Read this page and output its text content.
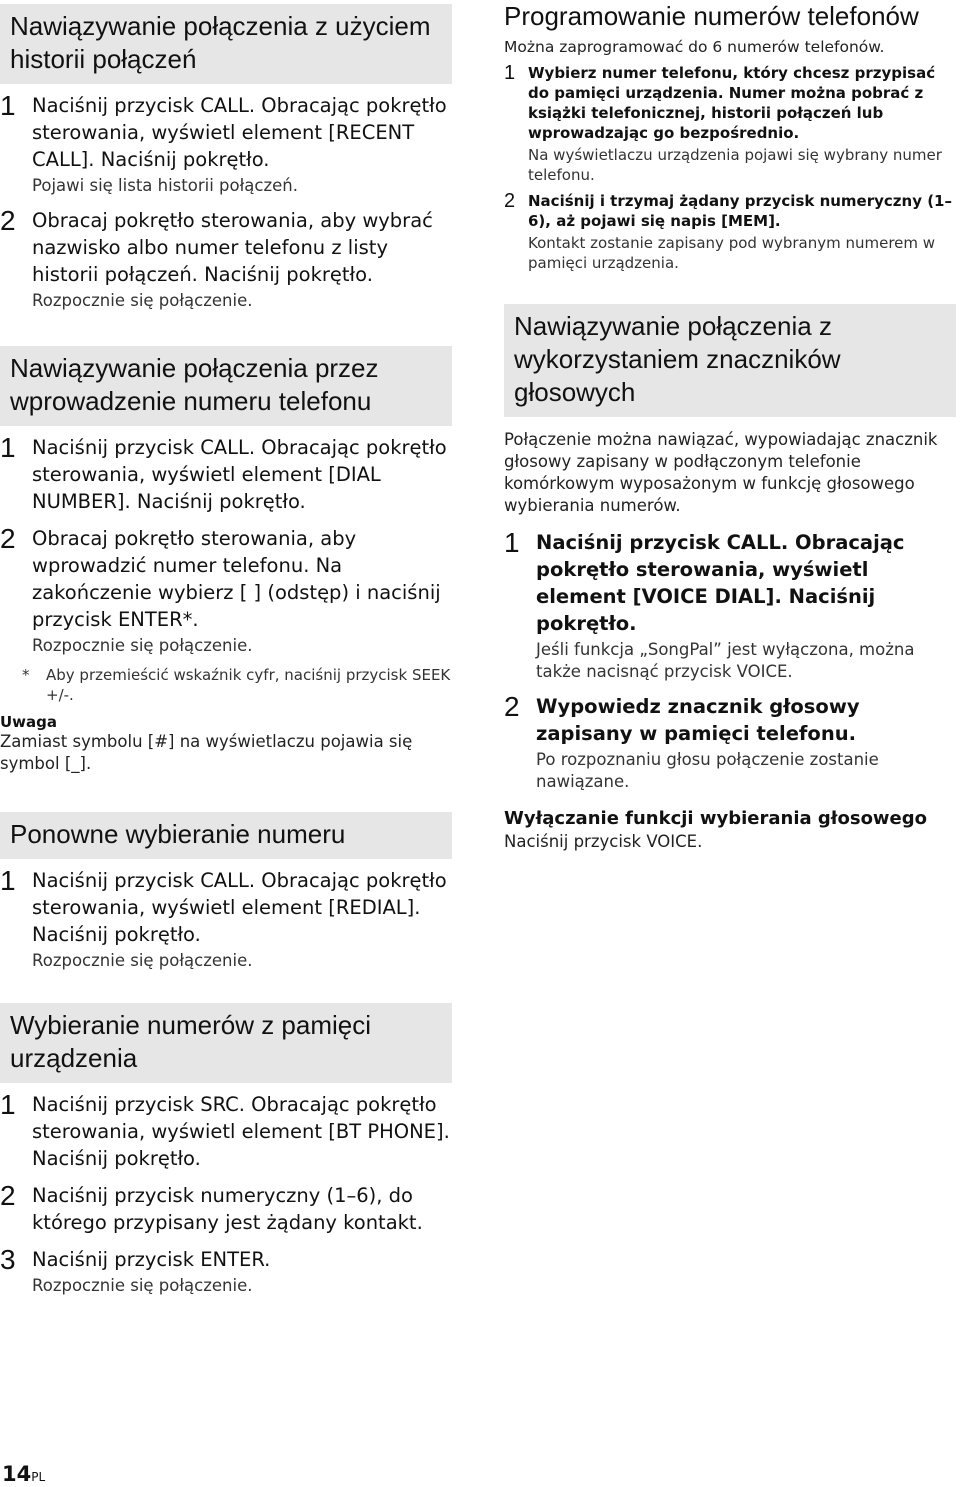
Nawiązywanie połączenia z użyciem historii połączeń
1 Naciśnij przycisk CALL. Obracając pokrętło sterowania, wyświetl element [RECENT CALL]. Naciśnij pokrętło.
Pojawi się lista historii połączeń.
2 Obracaj pokrętło sterowania, aby wybrać nazwisko albo numer telefonu z listy historii połączeń. Naciśnij pokrętło.
Rozpocznie się połączenie.
Nawiązywanie połączenia przez wprowadzenie numeru telefonu
1 Naciśnij przycisk CALL. Obracając pokrętło sterowania, wyświetl element [DIAL NUMBER]. Naciśnij pokrętło.
2 Obracaj pokrętło sterowania, aby wprowadzić numer telefonu. Na zakończenie wybierz [ ] (odstęp) i naciśnij przycisk ENTER*.
Rozpocznie się połączenie.
*	Aby przemieścić wskaźnik cyfr, naciśnij przycisk SEEK +/-.
Uwaga
Zamiast symbolu [#] na wyświetlaczu pojawia się symbol [_].
Ponowne wybieranie numeru
1 Naciśnij przycisk CALL. Obracając pokrętło sterowania, wyświetl element [REDIAL]. Naciśnij pokrętło.
Rozpocznie się połączenie.
Wybieranie numerów z pamięci urządzenia
1 Naciśnij przycisk SRC. Obracając pokrętło sterowania, wyświetl element [BT PHONE]. Naciśnij pokrętło.
2 Naciśnij przycisk numeryczny (1–6), do którego przypisany jest żądany kontakt.
3 Naciśnij przycisk ENTER.
Rozpocznie się połączenie.
Programowanie numerów telefonów
Można zaprogramować do 6 numerów telefonów.
1 Wybierz numer telefonu, który chcesz przypisać do pamięci urządzenia. Numer można pobrać z książki telefonicznej, historii połączeń lub wprowadzając go bezpośrednio.
Na wyświetlaczu urządzenia pojawi się wybrany numer telefonu.
2 Naciśnij i trzymaj żądany przycisk numeryczny (1–6), aż pojawi się napis [MEM].
Kontakt zostanie zapisany pod wybranym numerem w pamięci urządzenia.
Nawiązywanie połączenia z wykorzystaniem znaczników głosowych
Połączenie można nawiązać, wypowiadając znacznik głosowy zapisany w podłączonym telefonie komórkowym wyposażonym w funkcję głosowego wybierania numerów.
1 Naciśnij przycisk CALL. Obracając pokrętło sterowania, wyświetl element [VOICE DIAL]. Naciśnij pokrętło.
Jeśli funkcja „SongPal” jest wyłączona, można także nacisnąć przycisk VOICE.
2 Wypowiedz znacznik głosowy zapisany w pamięci telefonu.
Po rozpoznaniu głosu połączenie zostanie nawiązane.
Wyłączanie funkcji wybierania głosowego
Naciśnij przycisk VOICE.
14PL
